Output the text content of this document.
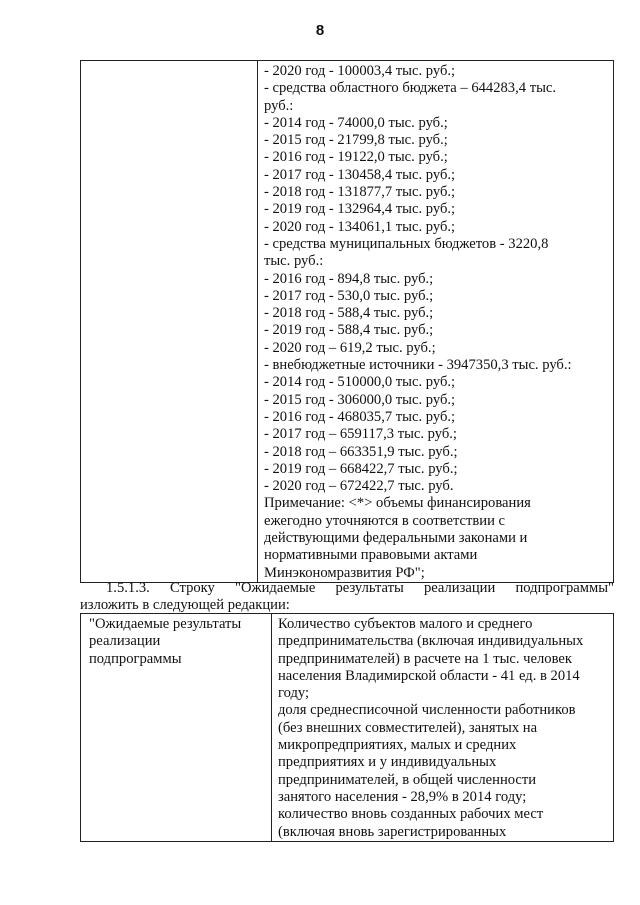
8

- 2020 год - 100003,4 тыс. руб.;
- средства областного бюджета – 644283,4 тыс.
руб.:
- 2014 год - 74000,0 тыс. руб.;
- 2015 год - 21799,8 тыс. руб.;
- 2016 год - 19122,0 тыс. руб.;
- 2017 год - 130458,4 тыс. руб.;
- 2018 год - 131877,7 тыс. руб.;
- 2019 год - 132964,4 тыс. руб.;
- 2020 год - 134061,1 тыс. руб.;
- средства муниципальных бюджетов - 3220,8
тыс. руб.:
- 2016 год - 894,8 тыс. руб.;
- 2017 год - 530,0 тыс. руб.;
- 2018 год - 588,4 тыс. руб.;
- 2019 год - 588,4 тыс. руб.;
- 2020 год – 619,2 тыс. руб.;
- внебюджетные источники - 3947350,3 тыс. руб.:
- 2014 год - 510000,0 тыс. руб.;
- 2015 год - 306000,0 тыс. руб.;
- 2016 год - 468035,7 тыс. руб.;
- 2017 год – 659117,3 тыс. руб.;
- 2018 год – 663351,9 тыс. руб.;
- 2019 год – 668422,7 тыс. руб.;
- 2020 год – 672422,7 тыс. руб.
Примечание: <*> объемы финансирования
ежегодно уточняются в соответствии с
действующими федеральными законами и
нормативными правовыми актами
Минэкономразвития РФ";
1.5.1.3. Строку "Ожидаемые результаты реализации подпрограммы"
изложить в следующей редакции:
"Ожидаемые результаты
реализации
подпрограммы

Количество субъектов малого и среднего
предпринимательства (включая индивидуальных
предпринимателей) в расчете на 1 тыс. человек
населения Владимирской области - 41 ед. в 2014
году;
доля среднесписочной численности работников
(без внешних совместителей), занятых на
микропредприятиях, малых и средних
предприятиях и у индивидуальных
предпринимателей, в общей численности
занятого населения - 28,9% в 2014 году;
количество вновь созданных рабочих мест
(включая вновь зарегистрированных
